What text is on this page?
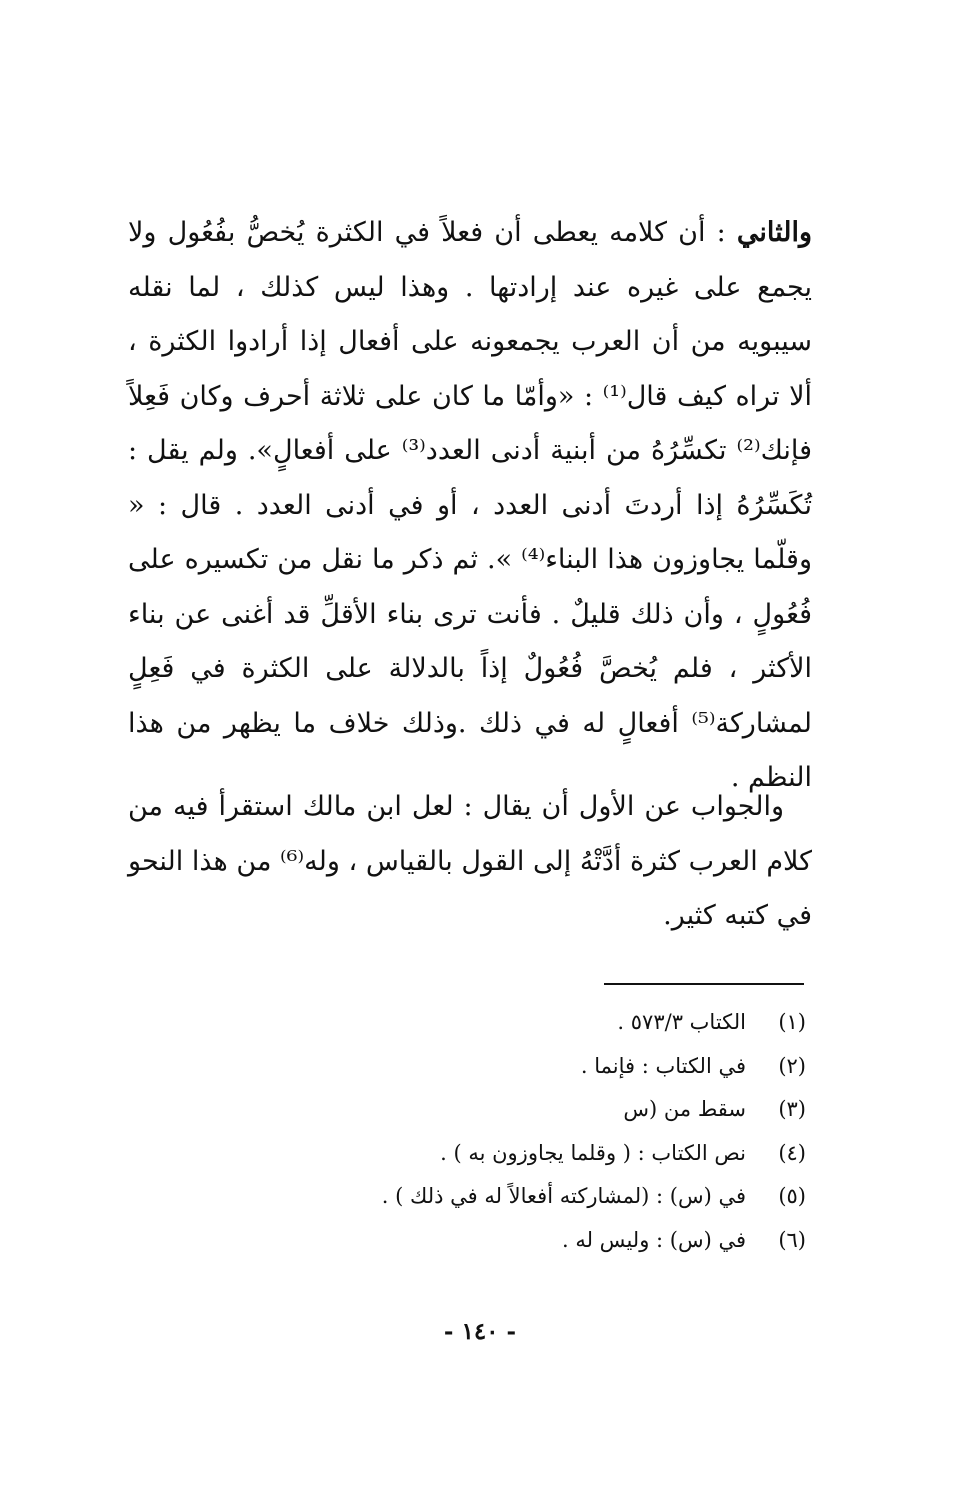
والثاني : أن كلامه يعطى أن فعلاً في الكثرة يُخصُّ بفُعُول ولا يجمع على غيره عند إرادتها . وهذا ليس كذلك ، لما نقله سيبويه من أن العرب يجمعونه على أفعال إذا أرادوا الكثرة ، ألا تراه كيف قال⁽¹⁾ : «وأمّا ما كان على ثلاثة أحرف وكان فَعِلاً فإنك⁽²⁾ تكسِّرُهُ من أبنية أدنى العدد⁽³⁾ على أفعالٍ». ولم يقل : تُكَسِّرُهُ إذا أردتَ أدنى العدد ، أو في أدنى العدد . قال : « وقلّما يجاوزون هذا البناء⁽⁴⁾ ». ثم ذكر ما نقل من تكسيره على فُعُولٍ ، وأن ذلك قليلٌ . فأنت ترى بناء الأقلِّ قد أغنى عن بناء الأكثر ، فلم يُخصَّ فُعُولٌ إذاً بالدلالة على الكثرة في فَعِلٍ لمشاركة⁽⁵⁾ أفعالٍ له في ذلك .وذلك خلاف ما يظهر من هذا النظم .

والجواب عن الأول أن يقال : لعل ابن مالك استقرأ فيه من كلام العرب كثرة أدَّتْهُ إلى القول بالقياس ، وله⁽⁶⁾ من هذا النحو في كتبه كثير.

(١)
الكتاب ٥٧٣/٣ .
(٢)
في الكتاب : فإنما .
(٣)
سقط من (س
(٤)
نص الكتاب : ( وقلما يجاوزون به ) .
(٥)
في (س) : (لمشاركته أفعالاً له في ذلك ) .
(٦)
في (س) : وليس له .
- ١٤٠ -
